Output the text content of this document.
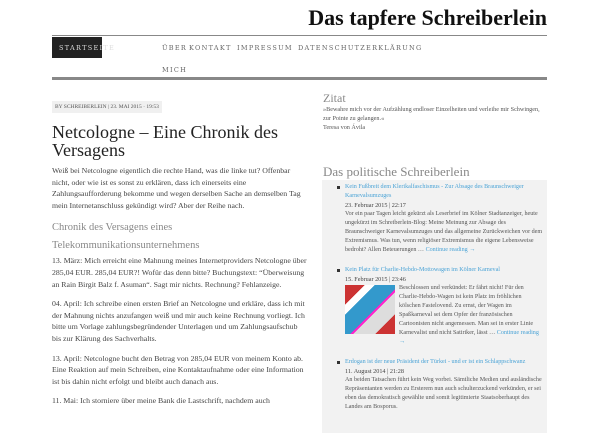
Das tapfere Schreiberlein
STARTSEITE	ÜBER
MICH
KONTAKT IMPRESSUM DATENSCHUTZERKLÄRUNG
BY SCHREIBERLEIN | 23. MAI 2015 · 19:53
Netcologne – Eine Chronik des Versagens
Weiß bei Netcologne eigentlich die rechte Hand, was die linke tut? Offenbar nicht, oder wie ist es sonst zu erklären, dass ich einerseits eine Zahlungsaufforderung bekomme und wegen derselben Sache an demselben Tag mein Internetanschluss gekündigt wird? Aber der Reihe nach.
Chronik des Versagens eines Telekommunikationsunternehmens
13. März: Mich erreicht eine Mahnung meines Internetproviders Netcologne über 285,04 EUR. 285,04 EUR?! Wofür das denn bitte? Buchungstext: “Überweisung an Rain Birgit Balz f. Asuman“. Sagt mir nichts. Rechnung? Fehlanzeige.
04. April: Ich schreibe einen ersten Brief an Netcologne und erkläre, dass ich mit der Mahnung nichts anzufangen weiß und mir auch keine Rechnung vorliegt. Ich bitte um Vorlage zahlungsbegründender Unterlagen und um Zahlungsaufschub bis zur Klärung des Sachverhalts.
13. April: Netcologne bucht den Betrag von 285,04 EUR von meinem Konto ab. Eine Reaktion auf mein Schreiben, eine Kontaktaufnahme oder eine Information ist bis dahin nicht erfolgt und bleibt auch danach aus.
11. Mai: Ich storniere über meine Bank die Lastschrift, nachdem auch
Zitat
»Bewahre mich vor der Aufzählung endloser Einzelheiten und verleihe mir Schwingen, zur Pointe zu gelangen.«
Teresa von Ávila
Das politische Schreiberlein
Kein Fußbreit dem Klerikalfaschismus - Zur Absage des Braunschweiger Karnevalsumzuges
23. Februar 2015 | 22:17
Vor ein paar Tagen leicht gekürzt als Leserbrief im Kölner Stadtanzeiger, heute ungekürzt im Schreiberlein-Blog: Meine Meinung zur Absage des Braunschweiger Karnevalsumzuges und das allgemeine Zurückweichen vor dem Extremismus. Was tun, wenn religiöser Extremismus die eigene Lebensweise bedroht? Allen Beteuerungen … Continue reading →
Kein Platz für Charlie-Hebdo-Mottowagen im Kölner Karneval
15. Februar 2015 | 23:46
Beschlossen und verkündet: Er fährt nicht! Für den Charlie-Hebdo-Wagen ist kein Platz im fröhlichen kölschen Fastelovend. Zu ernst, der Wagen im Spaßkarneval sei dem Opfer der französischen Cartoonisten nicht angemessen. Man sei in erster Linie Karnevalist und nicht Satiriker, lässt … Continue reading →
Erdogan ist der neue Präsident der Türkei - und er ist ein Schlappschwanz
11. August 2014 | 21:28
An beiden Tatsachen führt kein Weg vorbei. Sämtliche Medien und ausländische Repräsentanten werden zu Ersterem nun auch schulterzuckend verkünden, er sei eben das demokratisch gewählte und somit legitimierte Staatsoberhaupt des Landes am Bosporus.
